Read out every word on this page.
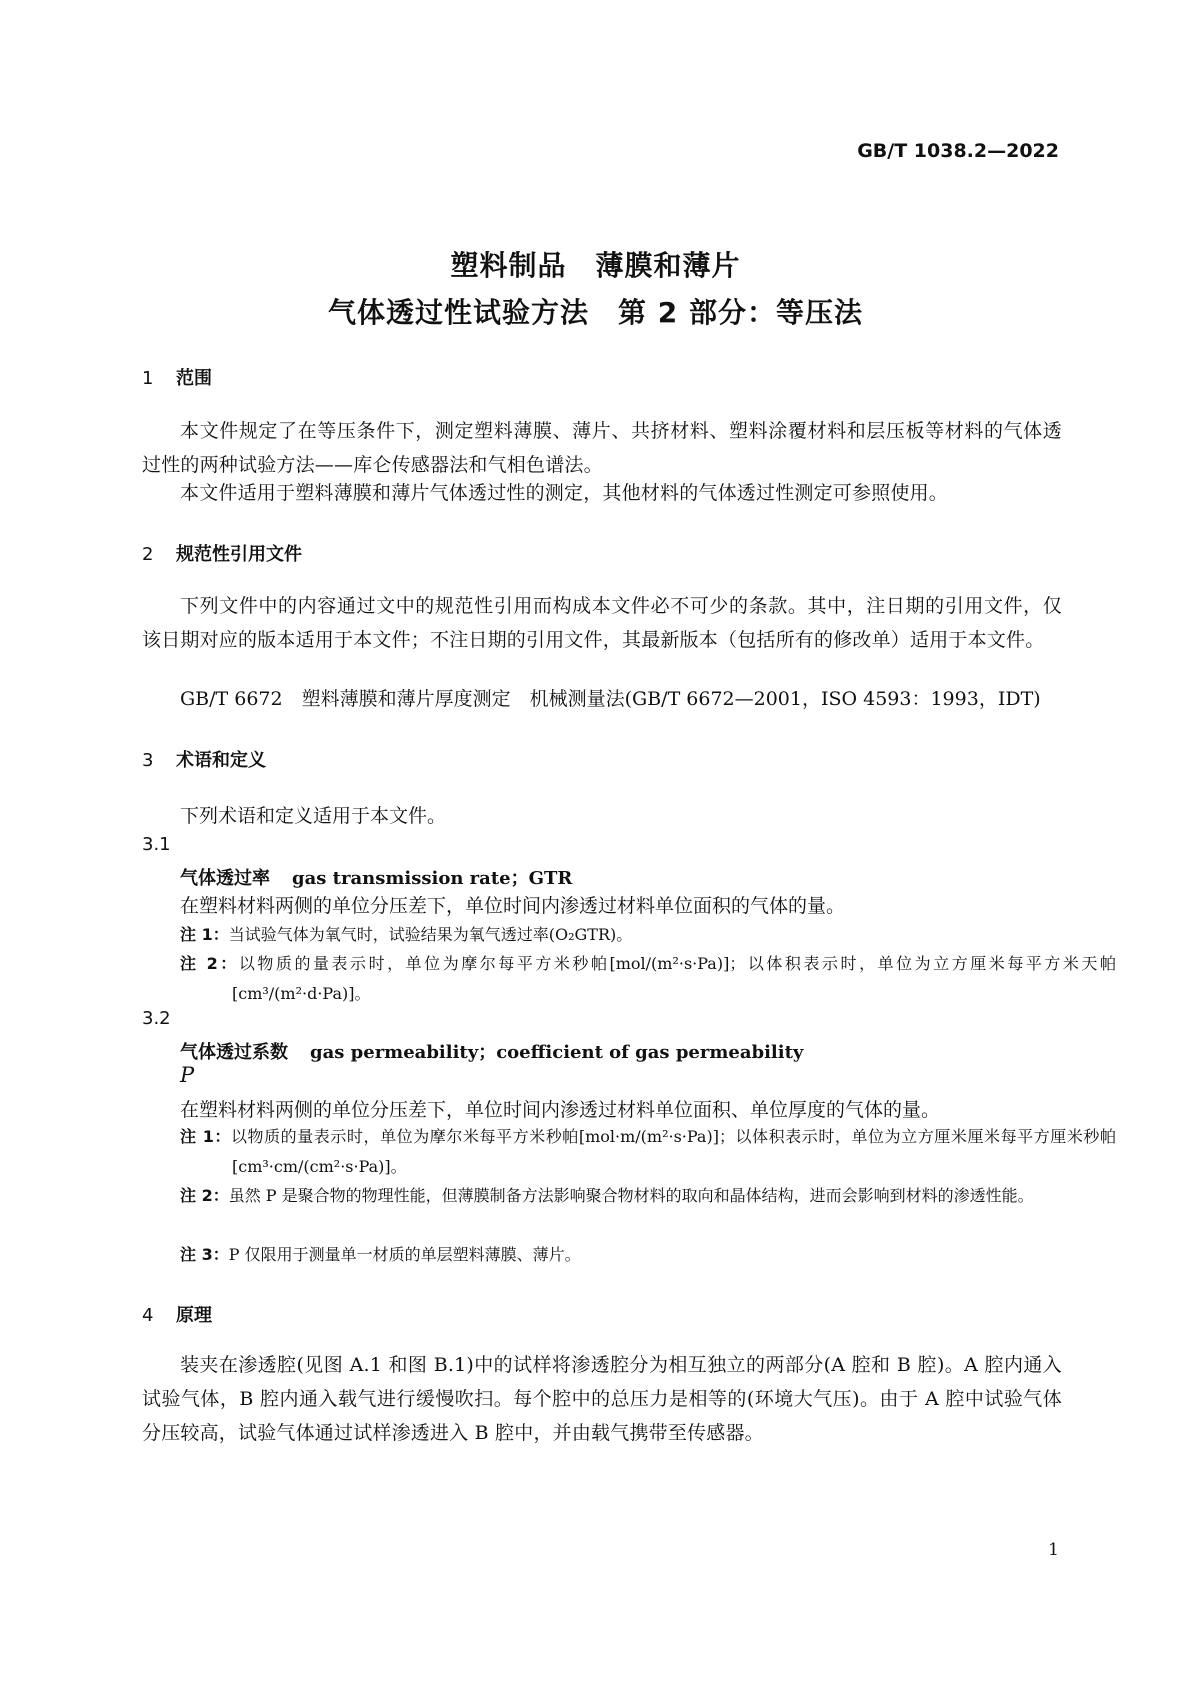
GB/T 1038.2—2022
塑料制品　薄膜和薄片
气体透过性试验方法　第 2 部分：等压法
1 范围
本文件规定了在等压条件下，测定塑料薄膜、薄片、共挤材料、塑料涂覆材料和层压板等材料的气体透过性的两种试验方法——库仑传感器法和气相色谱法。
本文件适用于塑料薄膜和薄片气体透过性的测定，其他材料的气体透过性测定可参照使用。
2 规范性引用文件
下列文件中的内容通过文中的规范性引用而构成本文件必不可少的条款。其中，注日期的引用文件，仅该日期对应的版本适用于本文件；不注日期的引用文件，其最新版本（包括所有的修改单）适用于本文件。
GB/T 6672　塑料薄膜和薄片厚度测定　机械测量法(GB/T 6672—2001，ISO 4593：1993，IDT)
3 术语和定义
下列术语和定义适用于本文件。
3.1
气体透过率 gas transmission rate；GTR
在塑料材料两侧的单位分压差下，单位时间内渗透过材料单位面积的气体的量。
注 1：当试验气体为氧气时，试验结果为氧气透过率(O₂GTR)。
注 2：以物质的量表示时，单位为摩尔每平方米秒帕[mol/(m²·s·Pa)]；以体积表示时，单位为立方厘米每平方米天帕[cm³/(m²·d·Pa)]。
3.2
气体透过系数 gas permeability；coefficient of gas permeability
P
在塑料材料两侧的单位分压差下，单位时间内渗透过材料单位面积、单位厚度的气体的量。
注 1：以物质的量表示时，单位为摩尔米每平方米秒帕[mol·m/(m²·s·Pa)]；以体积表示时，单位为立方厘米厘米每平方厘米秒帕[cm³·cm/(cm²·s·Pa)]。
注 2：虽然 P 是聚合物的物理性能，但薄膜制备方法影响聚合物材料的取向和晶体结构，进而会影响到材料的渗透性能。
注 3：P 仅限用于测量单一材质的单层塑料薄膜、薄片。
4 原理
装夹在渗透腔(见图 A.1 和图 B.1)中的试样将渗透腔分为相互独立的两部分(A 腔和 B 腔)。A 腔内通入试验气体，B 腔内通入载气进行缓慢吹扫。每个腔中的总压力是相等的(环境大气压)。由于 A 腔中试验气体分压较高，试验气体通过试样渗透进入 B 腔中，并由载气携带至传感器。
1
